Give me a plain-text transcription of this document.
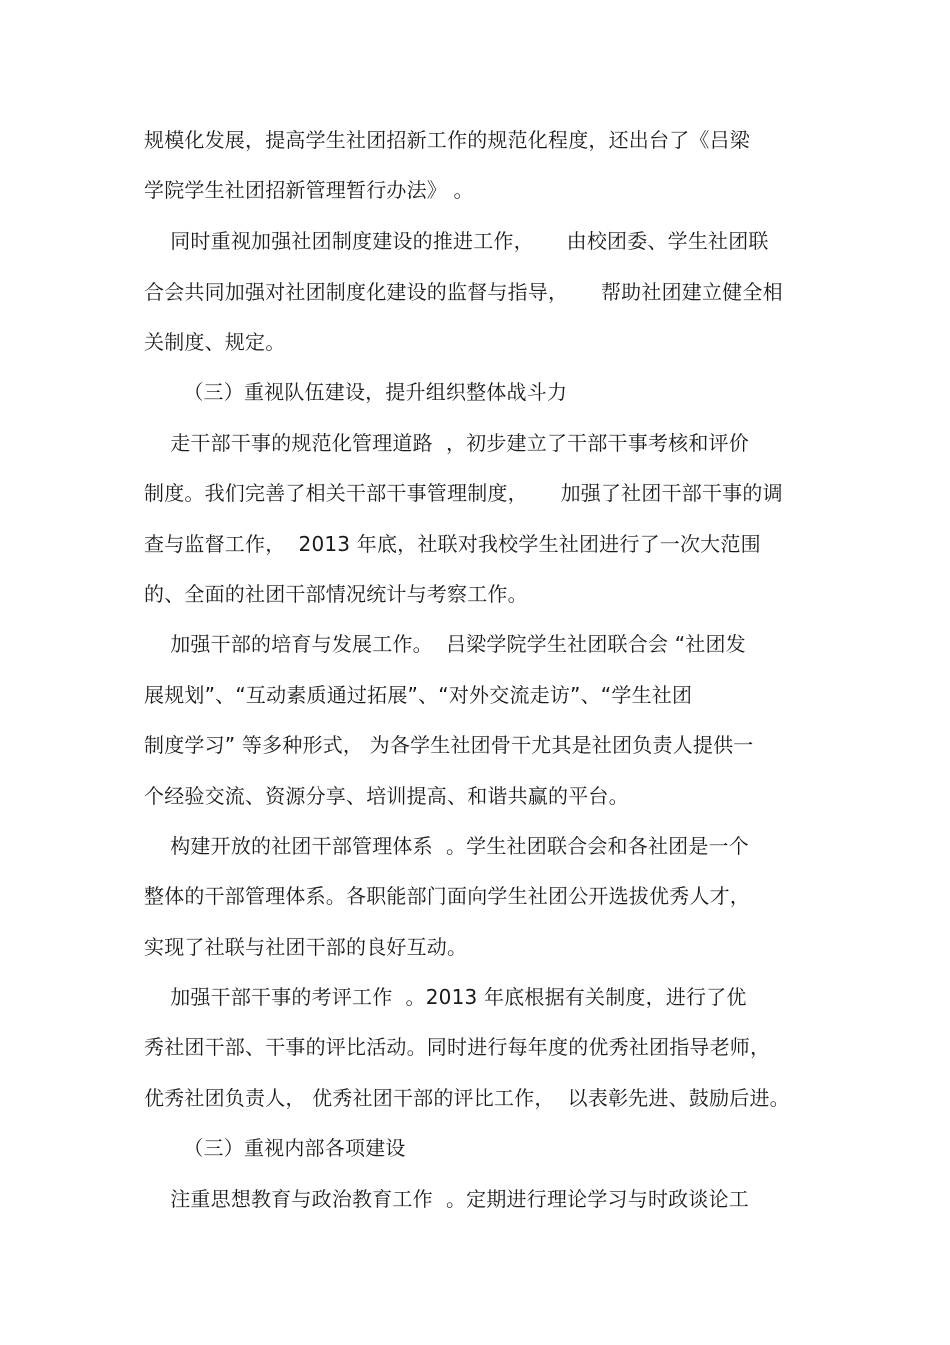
规模化发展，提高学生社团招新工作的规范化程度，还出台了《吕梁
学院学生社团招新管理暂行办法》 。
同时重视加强社团制度建设的推进工作，     由校团委、学生社团联
合会共同加强对社团制度化建设的监督与指导，     帮助社团建立健全相
关制度、规定。
（三）重视队伍建设，提升组织整体战斗力
走干部干事的规范化管理道路  ，初步建立了干部干事考核和评价
制度。我们完善了相关干部干事管理制度，     加强了社团干部干事的调
查与监督工作，  2013 年底，社联对我校学生社团进行了一次大范围
的、全面的社团干部情况统计与考察工作。
加强干部的培育与发展工作。  吕梁学院学生社团联合会 “社团发
展规划”、“互动素质通过拓展”、“对外交流走访”、“学生社团
制度学习” 等多种形式， 为各学生社团骨干尤其是社团负责人提供一
个经验交流、资源分享、培训提高、和谐共赢的平台。
构建开放的社团干部管理体系  。学生社团联合会和各社团是一个
整体的干部管理体系。各职能部门面向学生社团公开选拔优秀人才，
实现了社联与社团干部的良好互动。
加强干部干事的考评工作  。2013 年底根据有关制度，进行了优
秀社团干部、干事的评比活动。同时进行每年度的优秀社团指导老师，
优秀社团负责人， 优秀社团干部的评比工作，  以表彰先进、鼓励后进。
（三）重视内部各项建设
注重思想教育与政治教育工作  。定期进行理论学习与时政谈论工
